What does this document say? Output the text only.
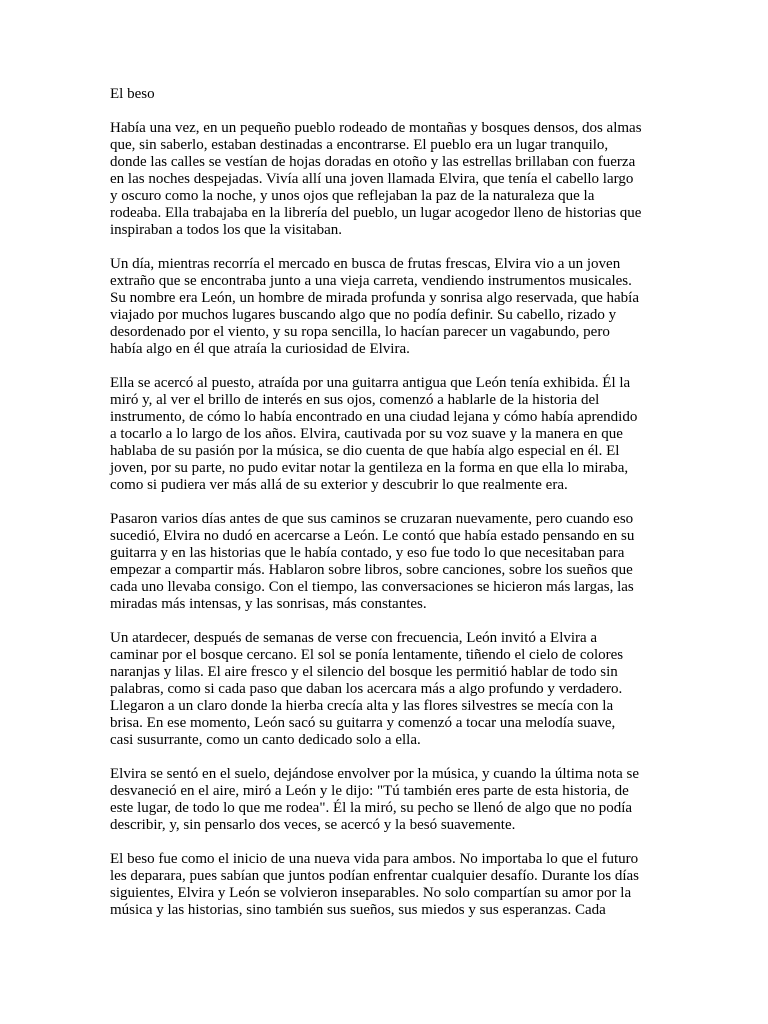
El beso
Había una vez, en un pequeño pueblo rodeado de montañas y bosques densos, dos almas
que, sin saberlo, estaban destinadas a encontrarse. El pueblo era un lugar tranquilo,
donde las calles se vestían de hojas doradas en otoño y las estrellas brillaban con fuerza
en las noches despejadas. Vivía allí una joven llamada Elvira, que tenía el cabello largo
y oscuro como la noche, y unos ojos que reflejaban la paz de la naturaleza que la
rodeaba. Ella trabajaba en la librería del pueblo, un lugar acogedor lleno de historias que
inspiraban a todos los que la visitaban.
Un día, mientras recorría el mercado en busca de frutas frescas, Elvira vio a un joven
extraño que se encontraba junto a una vieja carreta, vendiendo instrumentos musicales.
Su nombre era León, un hombre de mirada profunda y sonrisa algo reservada, que había
viajado por muchos lugares buscando algo que no podía definir. Su cabello, rizado y
desordenado por el viento, y su ropa sencilla, lo hacían parecer un vagabundo, pero
había algo en él que atraía la curiosidad de Elvira.
Ella se acercó al puesto, atraída por una guitarra antigua que León tenía exhibida. Él la
miró y, al ver el brillo de interés en sus ojos, comenzó a hablarle de la historia del
instrumento, de cómo lo había encontrado en una ciudad lejana y cómo había aprendido
a tocarlo a lo largo de los años. Elvira, cautivada por su voz suave y la manera en que
hablaba de su pasión por la música, se dio cuenta de que había algo especial en él. El
joven, por su parte, no pudo evitar notar la gentileza en la forma en que ella lo miraba,
como si pudiera ver más allá de su exterior y descubrir lo que realmente era.
Pasaron varios días antes de que sus caminos se cruzaran nuevamente, pero cuando eso
sucedió, Elvira no dudó en acercarse a León. Le contó que había estado pensando en su
guitarra y en las historias que le había contado, y eso fue todo lo que necesitaban para
empezar a compartir más. Hablaron sobre libros, sobre canciones, sobre los sueños que
cada uno llevaba consigo. Con el tiempo, las conversaciones se hicieron más largas, las
miradas más intensas, y las sonrisas, más constantes.
Un atardecer, después de semanas de verse con frecuencia, León invitó a Elvira a
caminar por el bosque cercano. El sol se ponía lentamente, tiñendo el cielo de colores
naranjas y lilas. El aire fresco y el silencio del bosque les permitió hablar de todo sin
palabras, como si cada paso que daban los acercara más a algo profundo y verdadero.
Llegaron a un claro donde la hierba crecía alta y las flores silvestres se mecía con la
brisa. En ese momento, León sacó su guitarra y comenzó a tocar una melodía suave,
casi susurrante, como un canto dedicado solo a ella.
Elvira se sentó en el suelo, dejándose envolver por la música, y cuando la última nota se
desvaneció en el aire, miró a León y le dijo: "Tú también eres parte de esta historia, de
este lugar, de todo lo que me rodea". Él la miró, su pecho se llenó de algo que no podía
describir, y, sin pensarlo dos veces, se acercó y la besó suavemente.
El beso fue como el inicio de una nueva vida para ambos. No importaba lo que el futuro
les deparara, pues sabían que juntos podían enfrentar cualquier desafío. Durante los días
siguientes, Elvira y León se volvieron inseparables. No solo compartían su amor por la
música y las historias, sino también sus sueños, sus miedos y sus esperanzas. Cada
